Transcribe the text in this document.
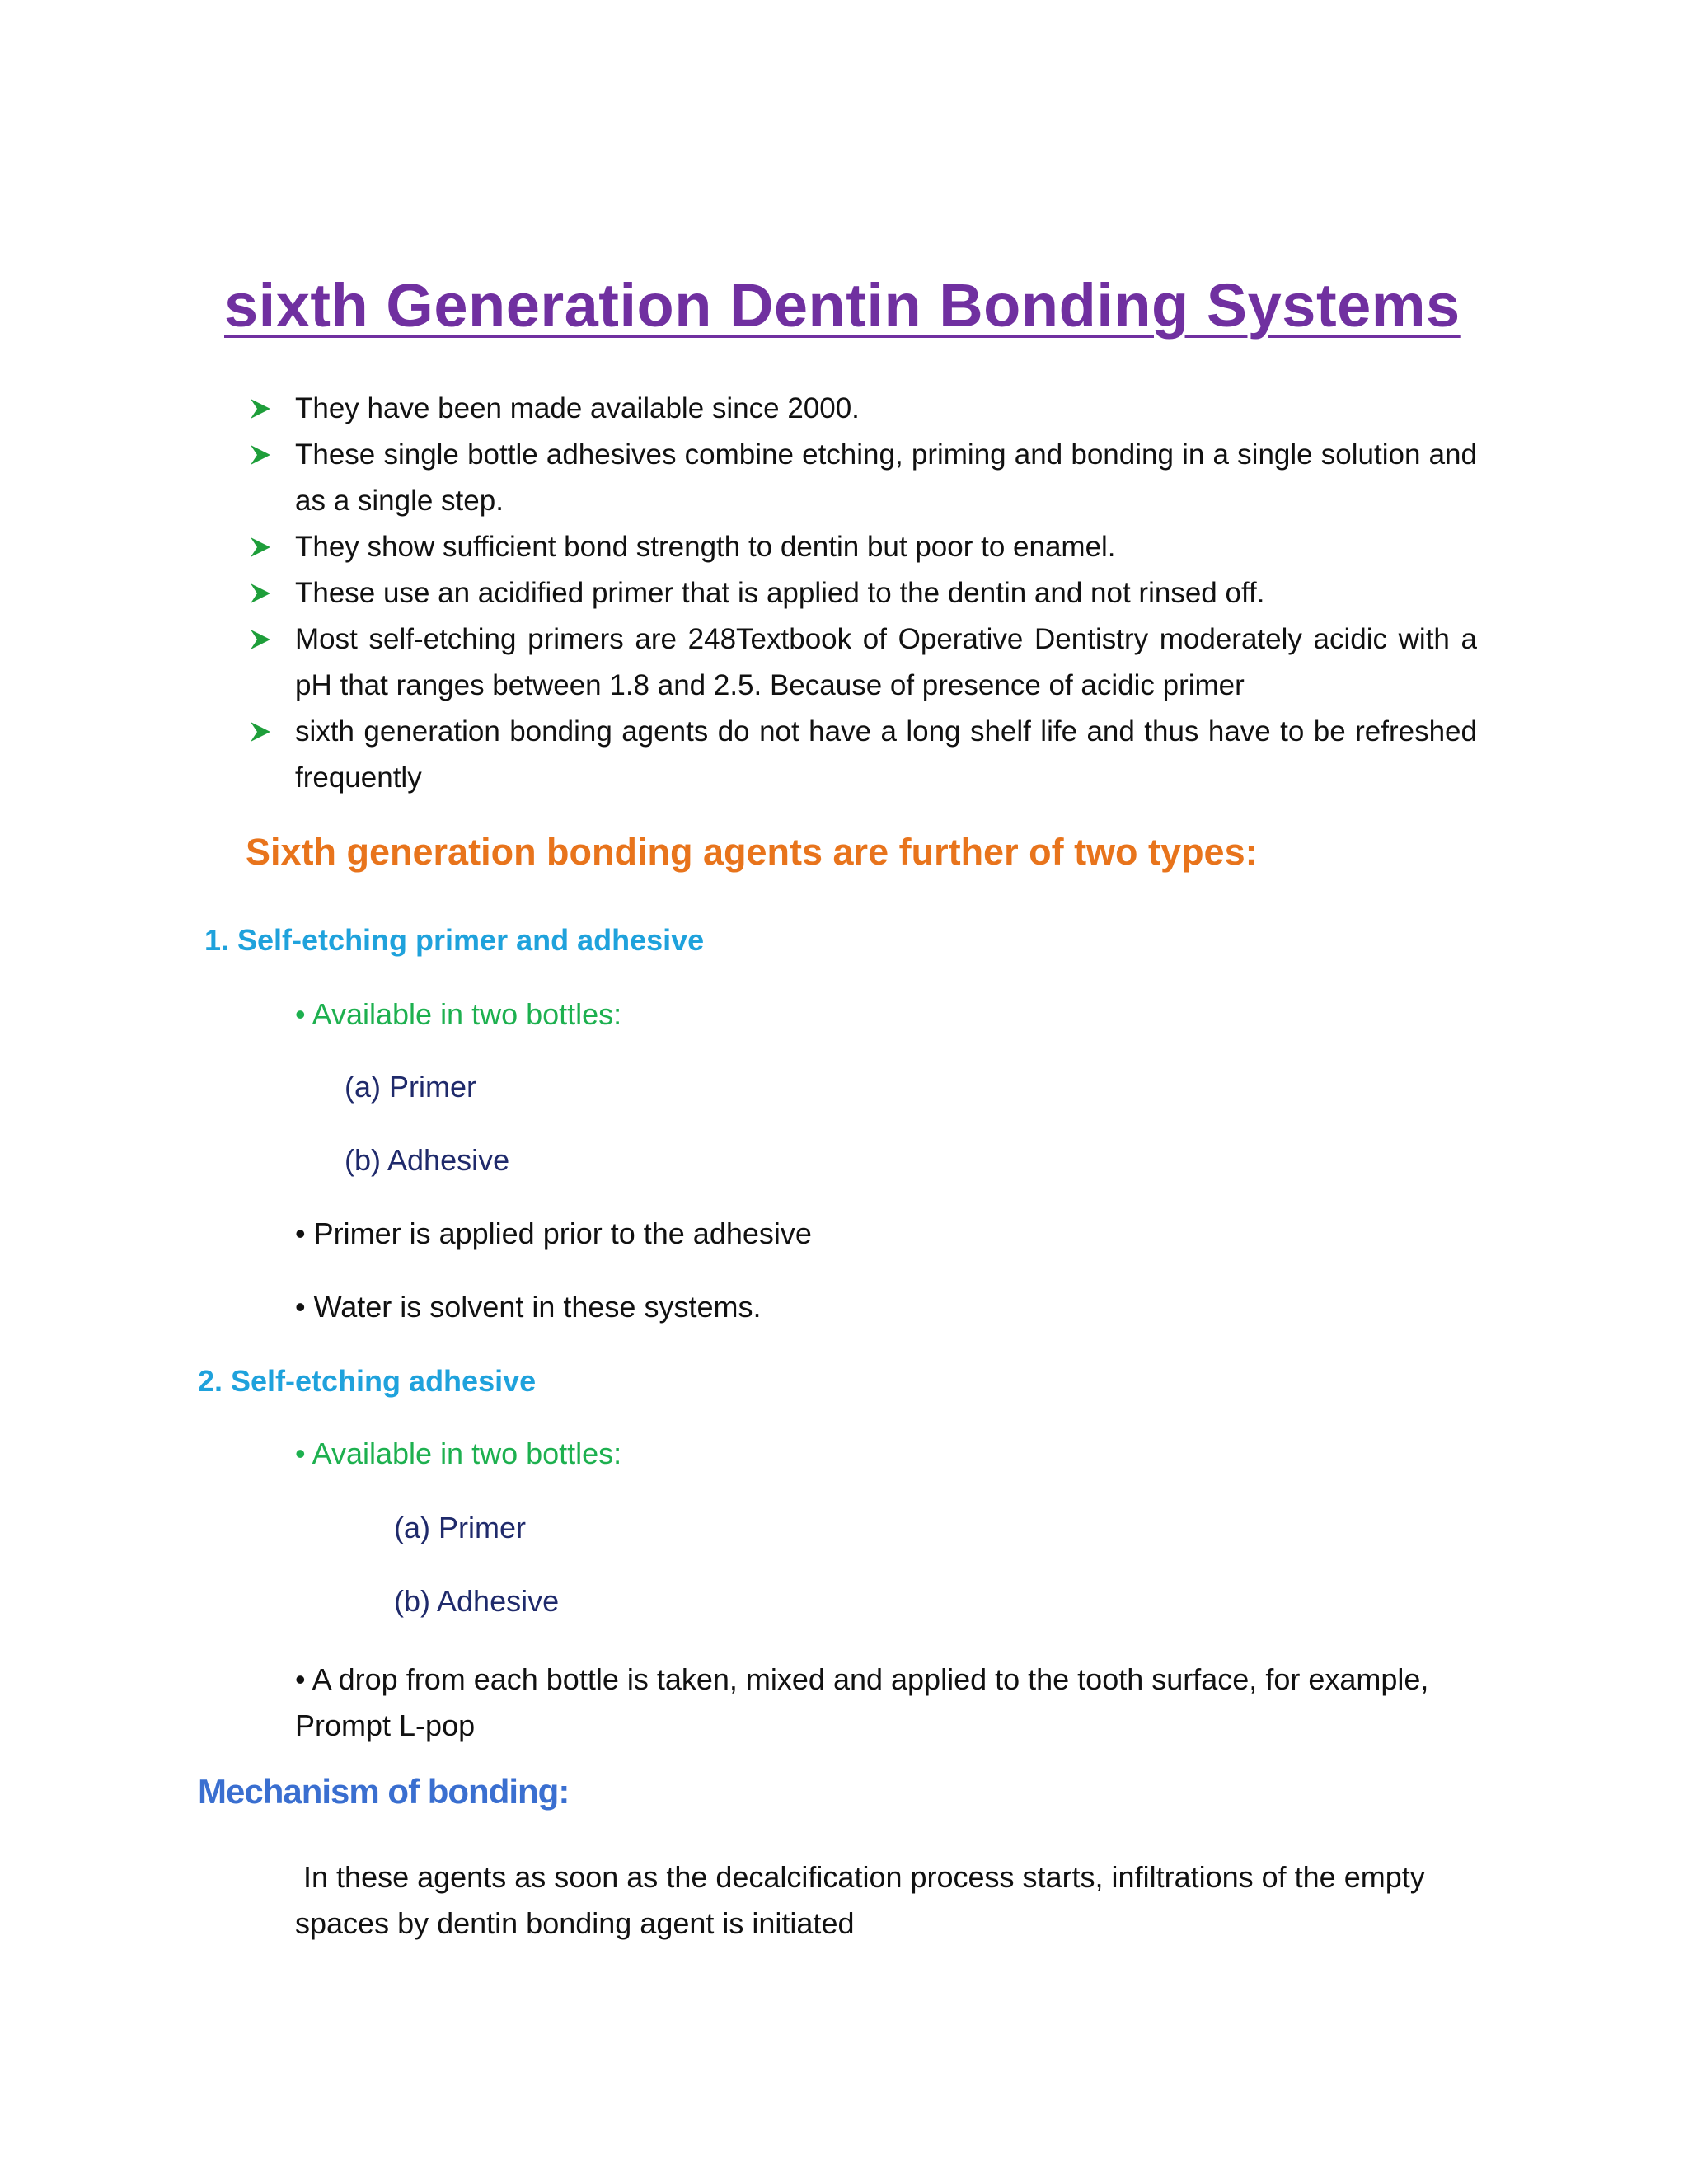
sixth Generation Dentin Bonding Systems
They have been made available since 2000.
These single bottle adhesives combine etching, priming and bonding in a single solution and as a single step.
They show sufficient bond strength to dentin but poor to enamel.
These use an acidified primer that is applied to the dentin and not rinsed off.
Most self-etching primers are 248Textbook of Operative Dentistry moderately acidic with a pH that ranges between 1.8 and 2.5. Because of presence of acidic primer
sixth generation bonding agents do not have a long shelf life and thus have to be refreshed frequently
Sixth generation bonding agents are further of two types:
1. Self-etching primer and adhesive
• Available in two bottles:
(a) Primer
(b) Adhesive
• Primer is applied prior to the adhesive
• Water is solvent in these systems.
2. Self-etching adhesive
• Available in two bottles:
(a) Primer
(b) Adhesive
• A drop from each bottle is taken, mixed and applied to the tooth surface, for example, Prompt L-pop
Mechanism of bonding:
In these agents as soon as the decalcification process starts, infiltrations of the empty spaces by dentin bonding agent is initiated
